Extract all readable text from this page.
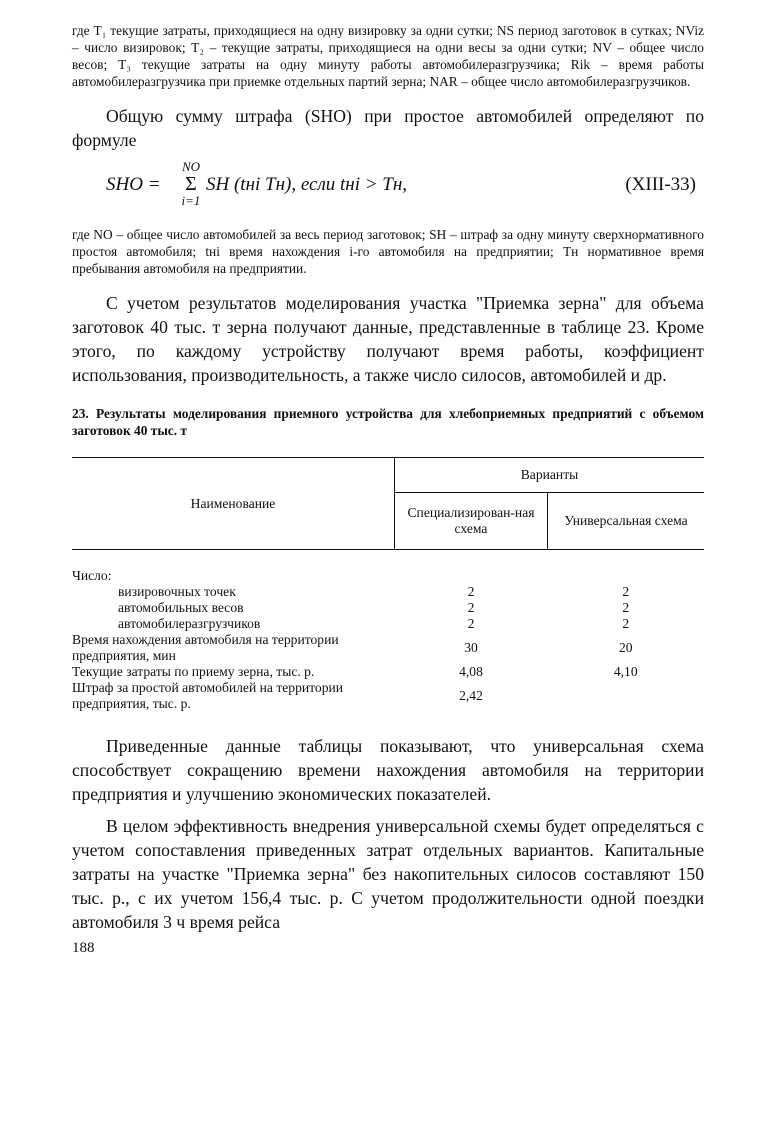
где T₁ текущие затраты, приходящиеся на одну визировку за одни сутки; NS период заготовок в сутках; NViz – число визировок; T₂ – текущие затраты, приходящиеся на одни весы за одни сутки; NV – общее число весов; T₃ текущие затраты на одну минуту работы автомобилеразгрузчика; Rik – время работы автомобилеразгрузчика при приемке отдельных партий зерна; NAR – общее число автомобилеразгрузчиков.

Общую сумму штрафа (SHO) при простое автомобилей определяют по формуле

SHO =
NO
Σ
i=1
SH (tнi Tн), если tнi > Tн,	(XIII-33)
где NO – общее число автомобилей за весь период заготовок; SH – штраф за одну минуту сверхнормативного простоя автомобиля; tнi время нахождения i-го автомобиля на предприятии; Tн нормативное время пребывания автомобиля на предприятии.

С учетом результатов моделирования участка "Приемка зерна" для объема заготовок 40 тыс. т зерна получают данные, представленные в таблице 23. Кроме этого, по каждому устройству получают время работы, коэффициент использования, производительность, а также число силосов, автомобилей и др.

23. Результаты моделирования приемного устройства для хлебоприемных предприятий с объемом заготовок 40 тыс. т
Наименование	Варианты	
	Специализирован-ная схема	Универсальная схема

Число:		
визировочных точек	2	2
автомобильных весов	2	2
автомобилеразгрузчиков	2	2
Время нахождения автомобиля на территории предприятия, мин	30	20
Текущие затраты по приему зерна, тыс. р.	4,08	4,10
Штраф за простой автомобилей на территории предприятия, тыс. р.	2,42	

Приведенные данные таблицы показывают, что универсальная схема способствует сокращению времени нахождения автомобиля на территории предприятия и улучшению экономических показателей.

В целом эффективность внедрения универсальной схемы будет определяться с учетом сопоставления приведенных затрат отдельных вариантов. Капитальные затраты на участке "Приемка зерна" без накопительных силосов составляют 150 тыс. р., с их учетом 156,4 тыс. р. С учетом продолжительности одной поездки автомобиля 3 ч время рейса

188
